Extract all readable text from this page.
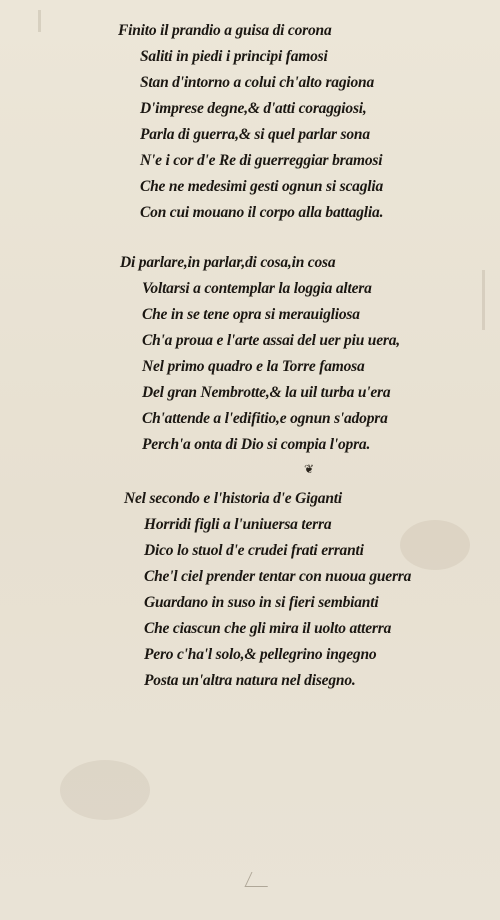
Finito il prandio a guisa di corona
Saliti in piedi i principi famosi
Stan d'intorno a colui ch'alto ragiona
D'imprese degne,& d'atti coraggiosi,
Parla di guerra,& si quel parlar sona
N'e i cor d'e Re di guerreggiar bramosi
Che ne medesimi gesti ognun si scaglia
Con cui mouano il corpo alla battaglia.
Di parlare,in parlar,di cosa,in cosa
Voltarsi a contemplar la loggia altera
Che in se tene opra si merauigliosa
Ch'a proua e l'arte assai del uer piu uera,
Nel primo quadro e la Torre famosa
Del gran Nembrotte,& la uil turba u'era
Ch'attende a l'edifitio,e ognun s'adopra
Perch'a onta di Dio si compia l'opra.
❦
Nel secondo e l'historia d'e Giganti
Horridi figli a l'uniuersa terra
Dico lo stuol d'e crudei frati erranti
Che'l ciel prender tentar con nuoua guerra
Guardano in suso in si fieri sembianti
Che ciascun che gli mira il uolto atterra
Pero c'ha'l solo,& pellegrino ingegno
Posta un'altra natura nel disegno.
